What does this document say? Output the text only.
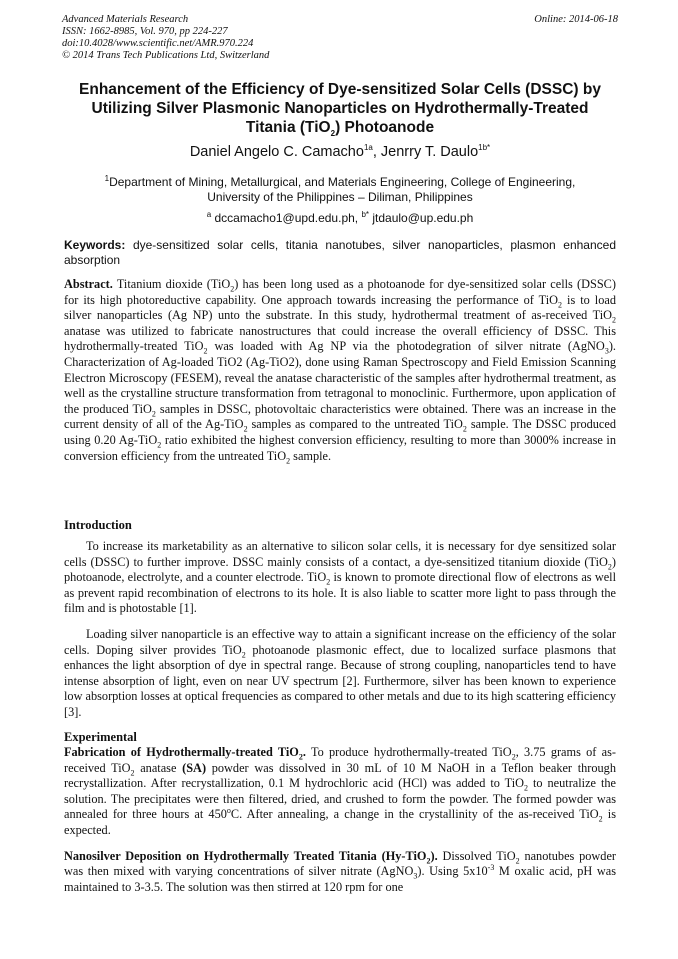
Advanced Materials Research
ISSN: 1662-8985, Vol. 970, pp 224-227
doi:10.4028/www.scientific.net/AMR.970.224
© 2014 Trans Tech Publications Ltd, Switzerland
Online: 2014-06-18
Enhancement of the Efficiency of Dye-sensitized Solar Cells (DSSC) by
Utilizing Silver Plasmonic Nanoparticles on Hydrothermally-Treated
Titania (TiO$_2$) Photoanode
Daniel Angelo C. Camacho$^{1a}$, Jenrry T. Daulo$^{1b*}$
$^1$Department of Mining, Metallurgical, and Materials Engineering, College of Engineering,
University of the Philippines – Diliman, Philippines
$^a$ dccamacho1@upd.edu.ph, $^{b*}$ jtdaulo@up.edu.ph
Keywords: dye-sensitized solar cells, titania nanotubes, silver nanoparticles, plasmon enhanced absorption

Abstract. Titanium dioxide (TiO$_2$) has been long used as a photoanode for dye-sensitized solar cells (DSSC) for its high photoreductive capability. One approach towards increasing the performance of TiO$_2$ is to load silver nanoparticles (Ag NP) unto the substrate. In this study, hydrothermal treatment of as-received TiO$_2$ anatase was utilized to fabricate nanostructures that could increase the overall efficiency of DSSC. This hydrothermally-treated TiO$_2$ was loaded with Ag NP via the photodegration of silver nitrate (AgNO$_3$). Characterization of Ag-loaded TiO2 (Ag-TiO2), done using Raman Spectroscopy and Field Emission Scanning Electron Microscopy (FESEM), reveal the anatase characteristic of the samples after hydrothermal treatment, as well as the crystalline structure transformation from tetragonal to monoclinic. Furthermore, upon application of the produced TiO$_2$ samples in DSSC, photovoltaic characteristics were obtained. There was an increase in the current density of all of the Ag-TiO$_2$ samples as compared to the untreated TiO$_2$ sample. The DSSC produced using 0.20 Ag-TiO$_2$ ratio exhibited the highest conversion efficiency, resulting to more than 3000% increase in conversion efficiency from the untreated TiO$_2$ sample.

Introduction

To increase its marketability as an alternative to silicon solar cells, it is necessary for dye sensitized solar cells (DSSC) to further improve. DSSC mainly consists of a contact, a dye-sensitized titanium dioxide (TiO$_2$) photoanode, electrolyte, and a counter electrode. TiO$_2$ is known to promote directional flow of electrons as well as prevent rapid recombination of electrons to its hole. It is also liable to scatter more light to pass through the film and is photostable [1].

Loading silver nanoparticle is an effective way to attain a significant increase on the efficiency of the solar cells. Doping silver provides TiO$_2$ photoanode plasmonic effect, due to localized surface plasmons that enhances the light absorption of dye in spectral range. Because of strong coupling, nanoparticles tend to have intense absorption of light, even on near UV spectrum [2]. Furthermore, silver has been known to experience low absorption losses at optical frequencies as compared to other metals and due to its high scattering efficiency [3].

Experimental

Fabrication of Hydrothermally-treated TiO$_2$. To produce hydrothermally-treated TiO$_2$, 3.75 grams of as-received TiO$_2$ anatase (SA) powder was dissolved in 30 mL of 10 M NaOH in a Teflon beaker through recrystallization. After recrystallization, 0.1 M hydrochloric acid (HCl) was added to TiO$_2$ to neutralize the solution. The precipitates were then filtered, dried, and crushed to form the powder. The formed powder was annealed for three hours at 450$^o$C. After annealing, a change in the crystallinity of the as-received TiO$_2$ is expected.

Nanosilver Deposition on Hydrothermally Treated Titania (Hy-TiO$_2$). Dissolved TiO$_2$ nanotubes powder was then mixed with varying concentrations of silver nitrate (AgNO$_3$). Using $5x10^{-3}$ M oxalic acid, pH was maintained to 3-3.5. The solution was then stirred at 120 rpm for one
